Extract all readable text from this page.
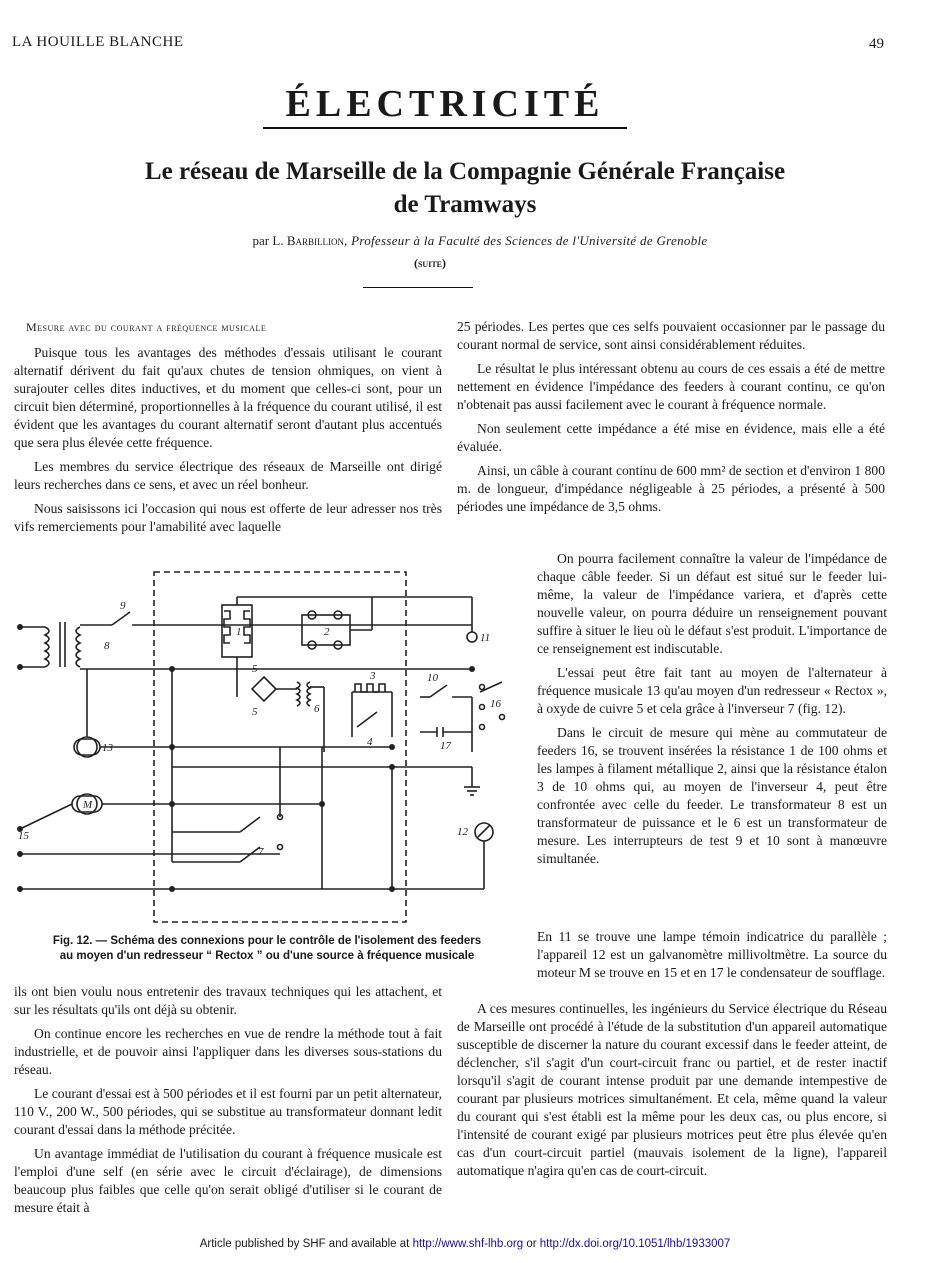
LA HOUILLE BLANCHE	49
ÉLECTRICITÉ
Le réseau de Marseille de la Compagnie Générale Française
de Tramways
par L. Barbillion, Professeur à la Faculté des Sciences de l'Université de Grenoble
(suite)
Mesure avec du courant a fréquence musicale

Puisque tous les avantages des méthodes d'essais utilisant le courant alternatif dérivent du fait qu'aux chutes de tension ohmiques, on vient à surajouter celles dites inductives, et du moment que celles-ci sont, pour un circuit bien déterminé, proportionnelles à la fréquence du courant utilisé, il est évident que les avantages du courant alternatif seront d'autant plus accentués que sera plus élevée cette fréquence.

Les membres du service électrique des réseaux de Marseille ont dirigé leurs recherches dans ce sens, et avec un réel bonheur.

Nous saisissons ici l'occasion qui nous est offerte de leur adresser nos très vifs remerciements pour l'amabilité avec laquelle

25 périodes. Les pertes que ces selfs pouvaient occasionner par le passage du courant normal de service, sont ainsi considérablement réduites.

Le résultat le plus intéressant obtenu au cours de ces essais a été de mettre nettement en évidence l'impédance des feeders à courant continu, ce qu'on n'obtenait pas aussi facilement avec le courant à fréquence normale.

Non seulement cette impédance a été mise en évidence, mais elle a été évaluée.

Ainsi, un câble à courant continu de 600 mm² de section et d'environ 1 800 m. de longueur, d'impédance négligeable à 25 périodes, a présenté à 500 périodes une impédance de 3,5 ohms.

On pourra facilement connaître la valeur de l'impédance de chaque câble feeder. Si un défaut est situé sur le feeder lui-même, la valeur de l'impédance variera, et d'après cette nouvelle valeur, on pourra déduire un renseignement pouvant suffire à situer le lieu où le défaut s'est produit. L'importance de ce renseignement est indiscutable.

L'essai peut être fait tant au moyen de l'alternateur à fréquence musicale 13 qu'au moyen d'un redresseur « Rectox », à oxyde de cuivre 5 et cela grâce à l'inverseur 7 (fig. 12).

Dans le circuit de mesure qui mène au commutateur de feeders 16, se trouvent insérées la résistance 1 de 100 ohms et les lampes à filament métallique 2, ainsi que la résistance étalon 3 de 10 ohms qui, au moyen de l'inverseur 4, peut être confrontée avec celle du feeder. Le transformateur 8 est un transformateur de puissance et le 6 est un transformateur de mesure. Les interrupteurs de test 9 et 10 sont à manœuvre simultanée.

1	2
3
4
5
5	6
7
8
9
10
11
12
13
15
16
17
M
Fig. 12. — Schéma des connexions pour le contrôle de l'isolement des feeders
au moyen d'un redresseur “ Rectox ” ou d'une source à fréquence musicale

En 11 se trouve une lampe témoin indicatrice du parallèle ; l'appareil 12 est un galvanomètre millivoltmètre. La source du moteur M se trouve en 15 et en 17 le condensateur de soufflage.

ils ont bien voulu nous entretenir des travaux techniques qui les attachent, et sur les résultats qu'ils ont déjà su obtenir.

On continue encore les recherches en vue de rendre la méthode tout à fait industrielle, et de pouvoir ainsi l'appliquer dans les diverses sous-stations du réseau.

Le courant d'essai est à 500 périodes et il est fourni par un petit alternateur, 110 V., 200 W., 500 périodes, qui se substitue au transformateur donnant ledit courant d'essai dans la méthode précitée.

Un avantage immédiat de l'utilisation du courant à fréquence musicale est l'emploi d'une self (en série avec le circuit d'éclairage), de dimensions beaucoup plus faibles que celle qu'on serait obligé d'utiliser si le courant de mesure était à

A ces mesures continuelles, les ingénieurs du Service électrique du Réseau de Marseille ont procédé à l'étude de la substitution d'un appareil automatique susceptible de discerner la nature du courant excessif dans le feeder atteint, de déclencher, s'il s'agit d'un court-circuit franc ou partiel, et de rester inactif lorsqu'il s'agit de courant intense produit par une demande intempestive de courant par plusieurs motrices simultanément. Et cela, même quand la valeur du courant qui s'est établi est la même pour les deux cas, ou plus encore, si l'intensité de courant exigé par plusieurs motrices peut être plus élevée qu'en cas d'un court-circuit partiel (mauvais isolement de la ligne), l'appareil automatique n'agira qu'en cas de court-circuit.

Article published by SHF and available at http://www.shf-lhb.org or http://dx.doi.org/10.1051/lhb/1933007
